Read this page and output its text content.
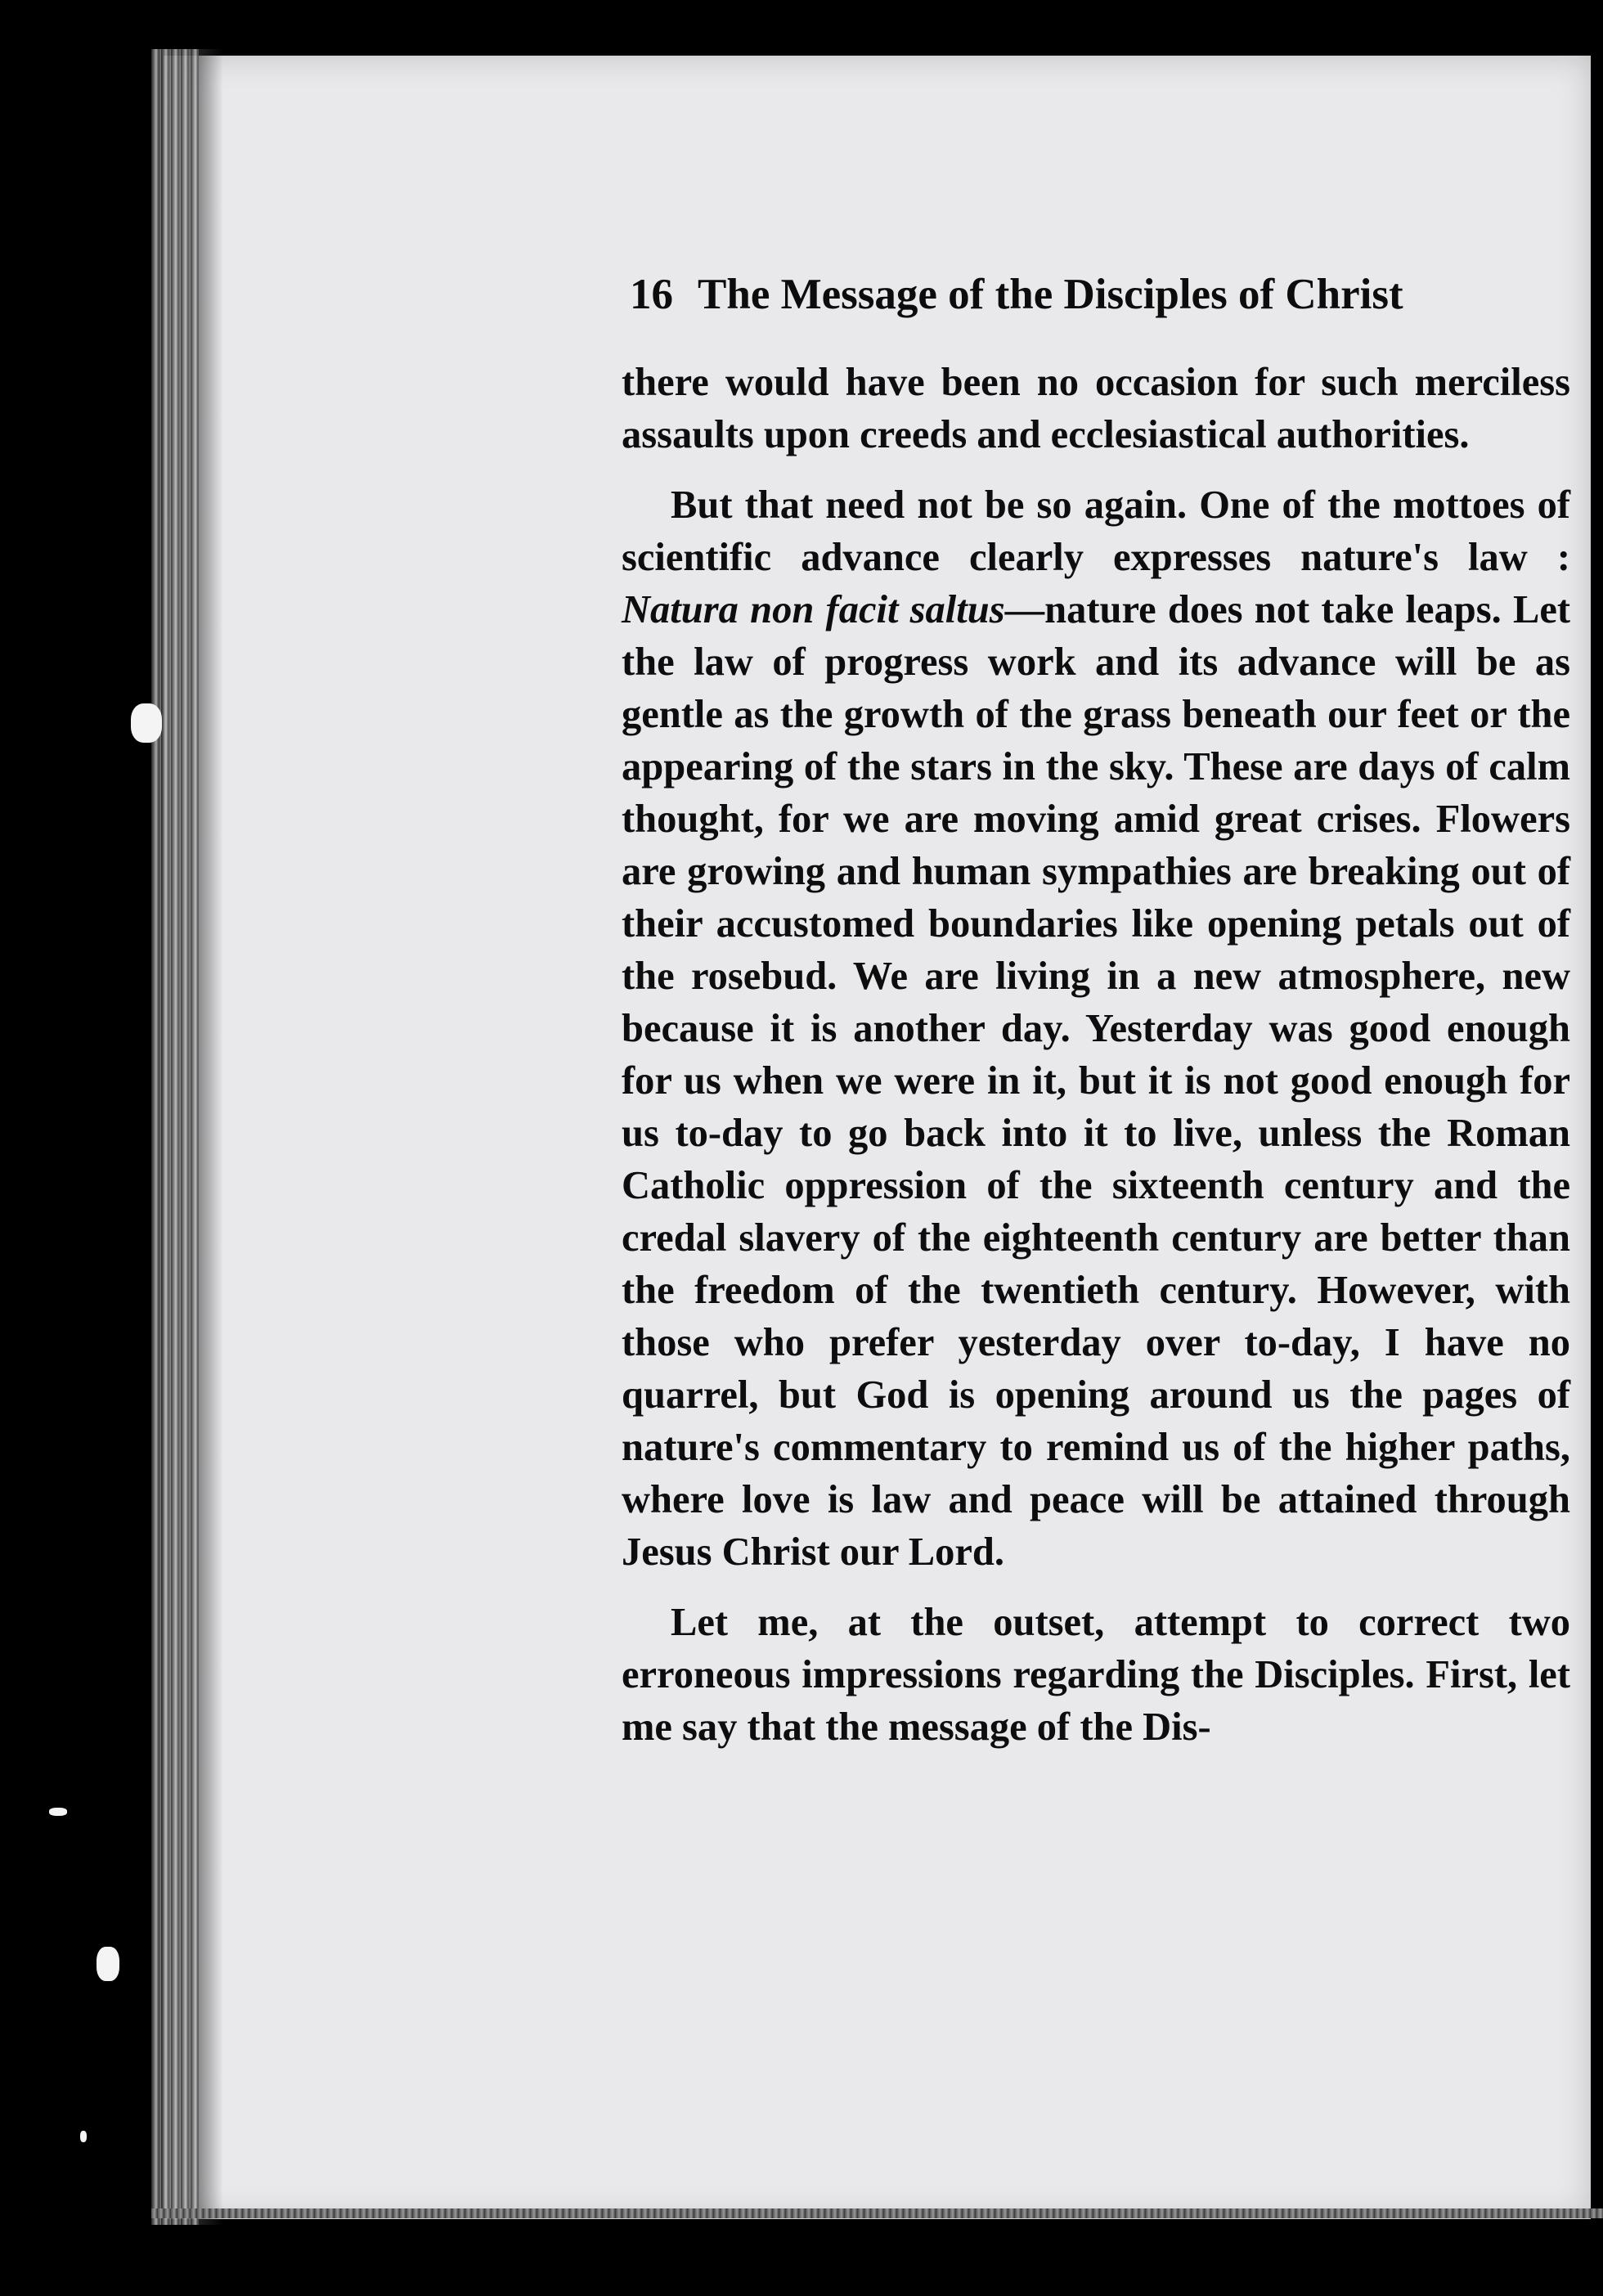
16 The Message of the Disciples of Christ

there would have been no occasion for such merciless assaults upon creeds and ecclesiastical authorities.

But that need not be so again. One of the mottoes of scientific advance clearly expresses nature's law : Natura non facit saltus—nature does not take leaps. Let the law of progress work and its advance will be as gentle as the growth of the grass beneath our feet or the appearing of the stars in the sky. These are days of calm thought, for we are moving amid great crises. Flowers are growing and human sympathies are breaking out of their accustomed boundaries like opening petals out of the rosebud. We are living in a new atmosphere, new because it is another day. Yesterday was good enough for us when we were in it, but it is not good enough for us to-day to go back into it to live, unless the Roman Catholic oppression of the sixteenth century and the credal slavery of the eighteenth century are better than the freedom of the twentieth century. However, with those who prefer yesterday over to-day, I have no quarrel, but God is opening around us the pages of nature's commentary to remind us of the higher paths, where love is law and peace will be attained through Jesus Christ our Lord.

Let me, at the outset, attempt to correct two erroneous impressions regarding the Disciples. First, let me say that the message of the Dis-
